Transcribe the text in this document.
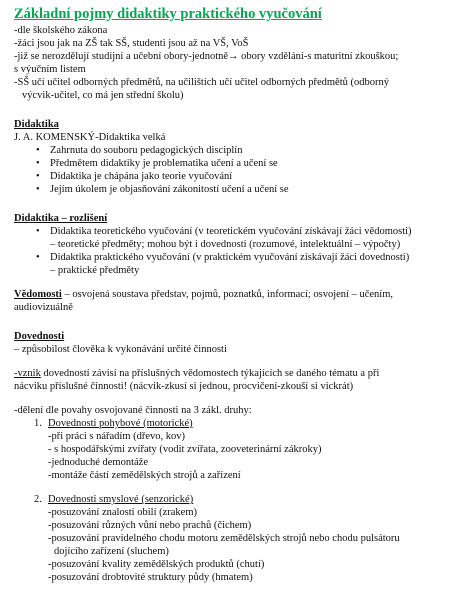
Základní pojmy didaktiky praktického vyučování

-dle školského zákona

-žáci jsou jak na ZŠ tak SŠ, studenti jsou až na VŠ, VoŠ

-již se nerozdělují studijní a učební obory-jednotně→ obory vzdělání-s maturitní zkouškou;

s výučním listem

-SŠ učí učitel odborných předmětů, na učilištích učí učitel odborných předmětů (odborný

výcvik-učitel, co má jen střední školu)

Didaktika

J. A. KOMENSKÝ-Didaktika velká

• Zahrnuta do souboru pedagogických disciplín
• Předmětem didaktiky je problematika učení a učení se
• Didaktika je chápána jako teorie vyučování
• Jejím úkolem je objasňování zákonitostí učení a učení se

Didaktika – rozlišení

• Didaktika teoretického vyučování (v teoretickém vyučování získávají žáci vědomosti)
– teoretické předměty; mohou být i dovednosti (rozumové, intelektuální – výpočty)
• Didaktika praktického vyučování (v praktickém vyučování získávají žáci dovednosti)
– praktické předměty

Vědomosti – osvojená soustava představ, pojmů, poznatků, informací; osvojení – učením,

audiovizuálně

Dovednosti

– způsobilost člověka k vykonávání určité činnosti

-vznik dovedností závisí na příslušných vědomostech týkajících se daného tématu a při

nácviku příslušné činnosti! (nácvik-zkusí si jednou, procvičení-zkouší si vickrát)

-dělení dle povahy osvojované činnosti na 3 zákl. druhy:

1. Dovednosti pohybové (motorické)

-při práci s nářadím (dřevo, kov)

- s hospodářskými zvířaty (vodit zvířata, zooveterinární zákroky)

-jednoduché demontáže

-montáže částí zemědělských strojů a zařízení

2. Dovednosti smyslové (senzorické)

-posuzování znalostí obilí (zrakem)

-posuzování různých vůní nebo prachů (čichem)

-posuzování pravidelného chodu motoru zemědělských strojů nebo chodu pulsátoru

dojícího zařízení (sluchem)

-posuzování kvality zemědělských produktů (chutí)

-posuzování drobtovité struktury půdy (hmatem)
